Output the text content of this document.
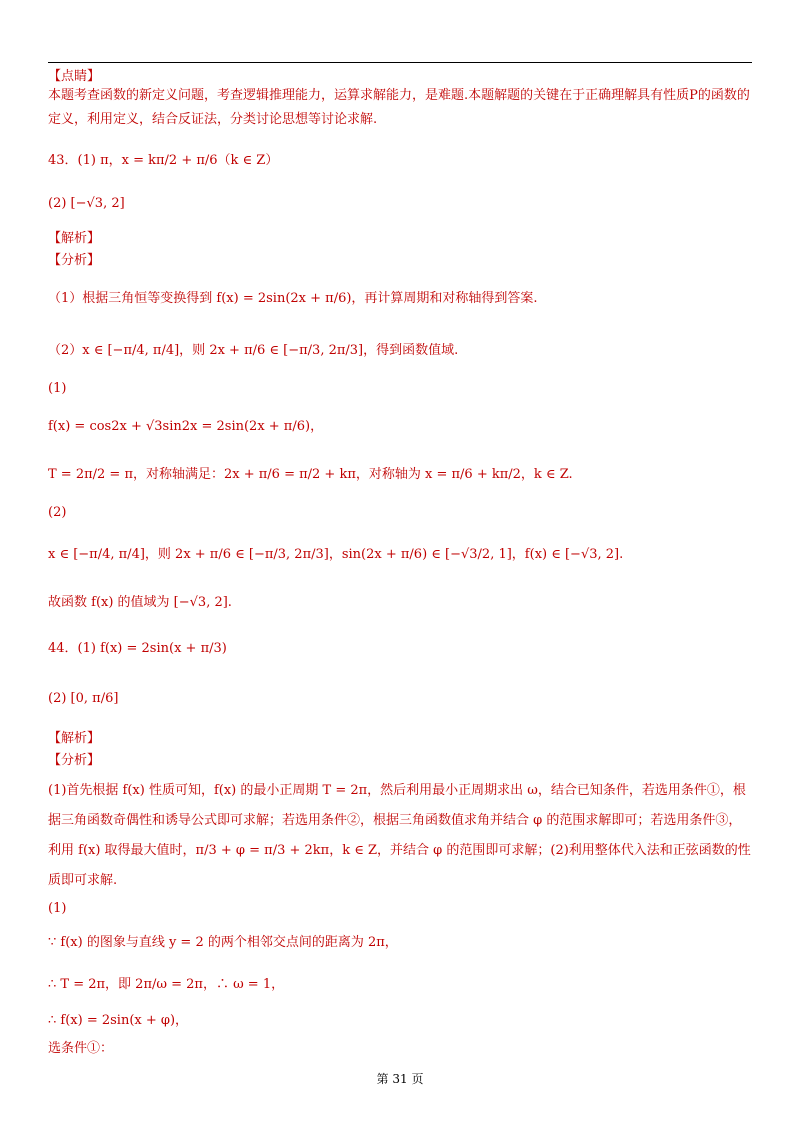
【点睛】
本题考查函数的新定义问题，考查逻辑推理能力，运算求解能力，是难题.本题解题的关键在于正确理解具有性质P的函数的定义，利用定义，结合反证法，分类讨论思想等讨论求解.
43．(1) π，x = kπ/2 + π/6（k ∈ Z）
(2) [−√3, 2]
【解析】
【分析】
（1）根据三角恒等变换得到 f(x) = 2sin(2x + π/6)，再计算周期和对称轴得到答案.
（2）x ∈ [−π/4, π/4]，则 2x + π/6 ∈ [−π/3, 2π/3]，得到函数值域.
(1)
f(x) = cos2x + √3sin2x = 2sin(2x + π/6)，
T = 2π/2 = π，对称轴满足：2x + π/6 = π/2 + kπ，对称轴为 x = π/6 + kπ/2，k ∈ Z.
(2)
x ∈ [−π/4, π/4]，则 2x + π/6 ∈ [−π/3, 2π/3]，sin(2x + π/6) ∈ [−√3/2, 1]，f(x) ∈ [−√3, 2].
故函数 f(x) 的值域为 [−√3, 2].
44．(1) f(x) = 2sin(x + π/3)
(2) [0, π/6]
【解析】
【分析】
(1)首先根据 f(x) 性质可知，f(x) 的最小正周期 T = 2π，然后利用最小正周期求出 ω，结合已知条件，若选用条件①，根据三角函数奇偶性和诱导公式即可求解；若选用条件②，根据三角函数值求角并结合 φ 的范围求解即可；若选用条件③，利用 f(x) 取得最大值时，π/3 + φ = π/3 + 2kπ，k ∈ Z，并结合 φ 的范围即可求解；(2)利用整体代入法和正弦函数的性质即可求解.
(1)
∵ f(x) 的图象与直线 y = 2 的两个相邻交点间的距离为 2π，
∴ T = 2π，即 2π/ω = 2π，∴ ω = 1，
∴ f(x) = 2sin(x + φ)，
选条件①：
第 31 页
